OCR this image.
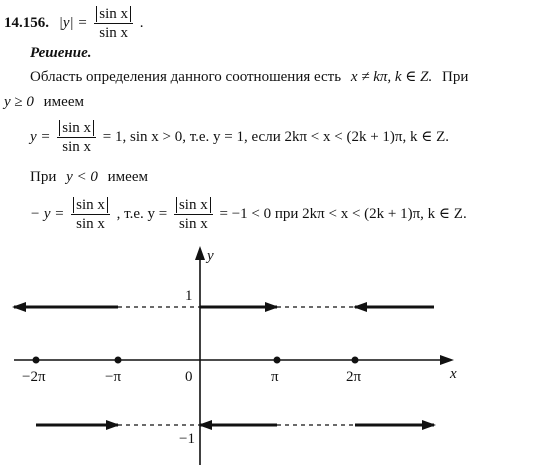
14.156. $|y| = \frac{\text{sin x}}{\text{sin x}}$ .
Решение.
Область определения данного соотношения есть x ≠ kπ, k ∈ Z. При
y ≥ 0 имеем
$y = \frac{\text{sin x}}{\text{sin x}} = 1$, sin x > 0, т.е. y = 1, если 2kπ < x < (2k + 1)π, k ∈ Z.
При y < 0 имеем
− $y = \frac{\text{sin x}}{\text{sin x}}$ , т.е. $y = \frac{\text{sin x}}{\text{sin x}} = -1 < 0$ при 2kπ < x < (2k + 1)π, k ∈ Z.
y
x
−2π	−π	0	π	2π
1
−1
